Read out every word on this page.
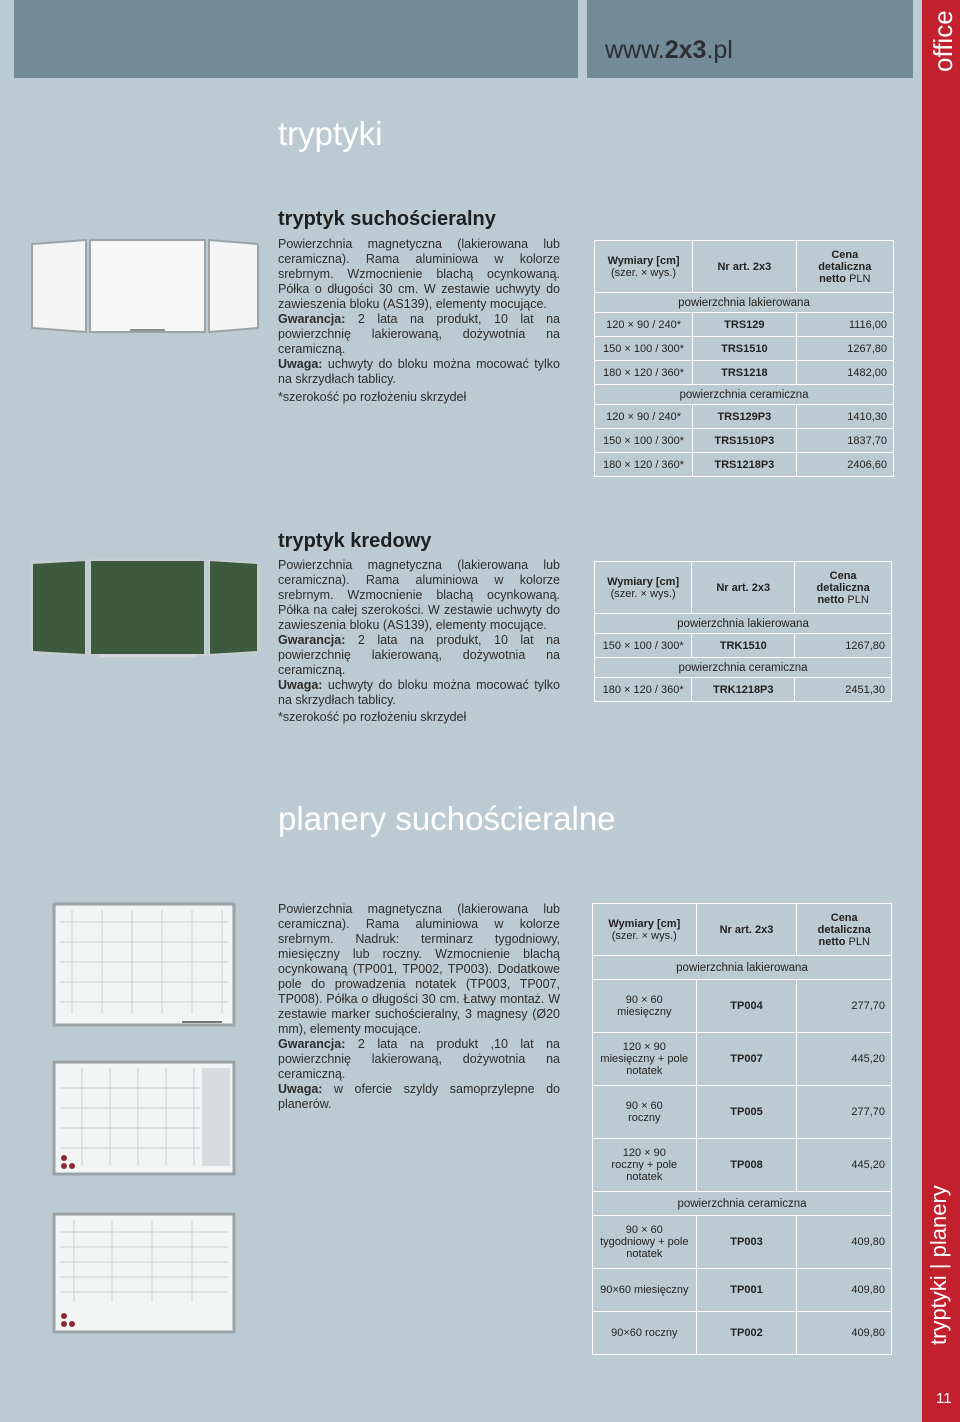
www.2x3.pl	office
tryptyki | planery
11
tryptyki
tryptyk suchościeralny

Powierzchnia magnetyczna (lakierowana lub ceramiczna). Rama aluminiowa w kolorze srebrnym. Wzmocnienie blachą ocynkowaną. Półka o długości 30 cm. W zestawie uchwyty do zawieszenia bloku (AS139), elementy mocujące.

Gwarancja: 2 lata na produkt, 10 lat na powierzchnię lakierowaną, dożywotnia na ceramiczną.

Uwaga: uchwyty do bloku można mocować tylko na skrzydłach tablicy.

*szerokość po rozłożeniu skrzydeł
Wymiary [cm]
(szer. × wys.)	Nr art. 2x3	Cena
detaliczna
netto PLN
powierzchnia lakierowana		
120 × 90 / 240*	TRS129	1116,00
150 × 100 / 300*	TRS1510	1267,80
180 × 120 / 360*	TRS1218	1482,00
powierzchnia ceramiczna		
120 × 90 / 240*	TRS129P3	1410,30
150 × 100 / 300*	TRS1510P3	1837,70
180 × 120 / 360*	TRS1218P3	2406,60
tryptyk kredowy

Powierzchnia magnetyczna (lakierowana lub ceramiczna). Rama aluminiowa w kolorze srebrnym. Wzmocnienie blachą ocynkowaną. Półka na całej szerokości. W zestawie uchwyty do zawieszenia bloku (AS139), elementy mocujące.

Gwarancja: 2 lata na produkt, 10 lat na powierzchnię lakierowaną, dożywotnia na ceramiczną.

Uwaga: uchwyty do bloku można mocować tylko na skrzydłach tablicy.

*szerokość po rozłożeniu skrzydeł
Wymiary [cm]
(szer. × wys.)	Nr art. 2x3	Cena
detaliczna
netto PLN
powierzchnia lakierowana		
150 × 100 / 300*	TRK1510	1267,80
powierzchnia ceramiczna		
180 × 120 / 360*	TRK1218P3	2451,30
planery suchościeralne

Powierzchnia magnetyczna (lakierowana lub ceramiczna). Rama aluminiowa w kolorze srebrnym. Nadruk: terminarz tygodniowy, miesięczny lub roczny. Wzmocnienie blachą ocynkowaną (TP001, TP002, TP003). Dodatkowe pole do prowadzenia notatek (TP003, TP007, TP008). Półka o długości 30 cm. Łatwy montaż. W zestawie marker suchościeralny, 3 magnesy (Ø20 mm), elementy mocujące.

Gwarancja: 2 lata na produkt ,10 lat na powierzchnię lakierowaną, dożywotnia na ceramiczną.

Uwaga: w ofercie szyldy samoprzylepne do planerów.

Wymiary [cm]
(szer. × wys.)	Nr art. 2x3	Cena
detaliczna
netto PLN
powierzchnia lakierowana		
90 × 60
miesięczny	TP004	277,70
120 × 90
miesięczny + pole
notatek	TP007	445,20
90 × 60
roczny	TP005	277,70
120 × 90
roczny + pole
notatek	TP008	445,20
powierzchnia ceramiczna		
90 × 60
tygodniowy + pole
notatek	TP003	409,80
90×60 miesięczny	TP001	409,80
90×60 roczny	TP002	409,80
